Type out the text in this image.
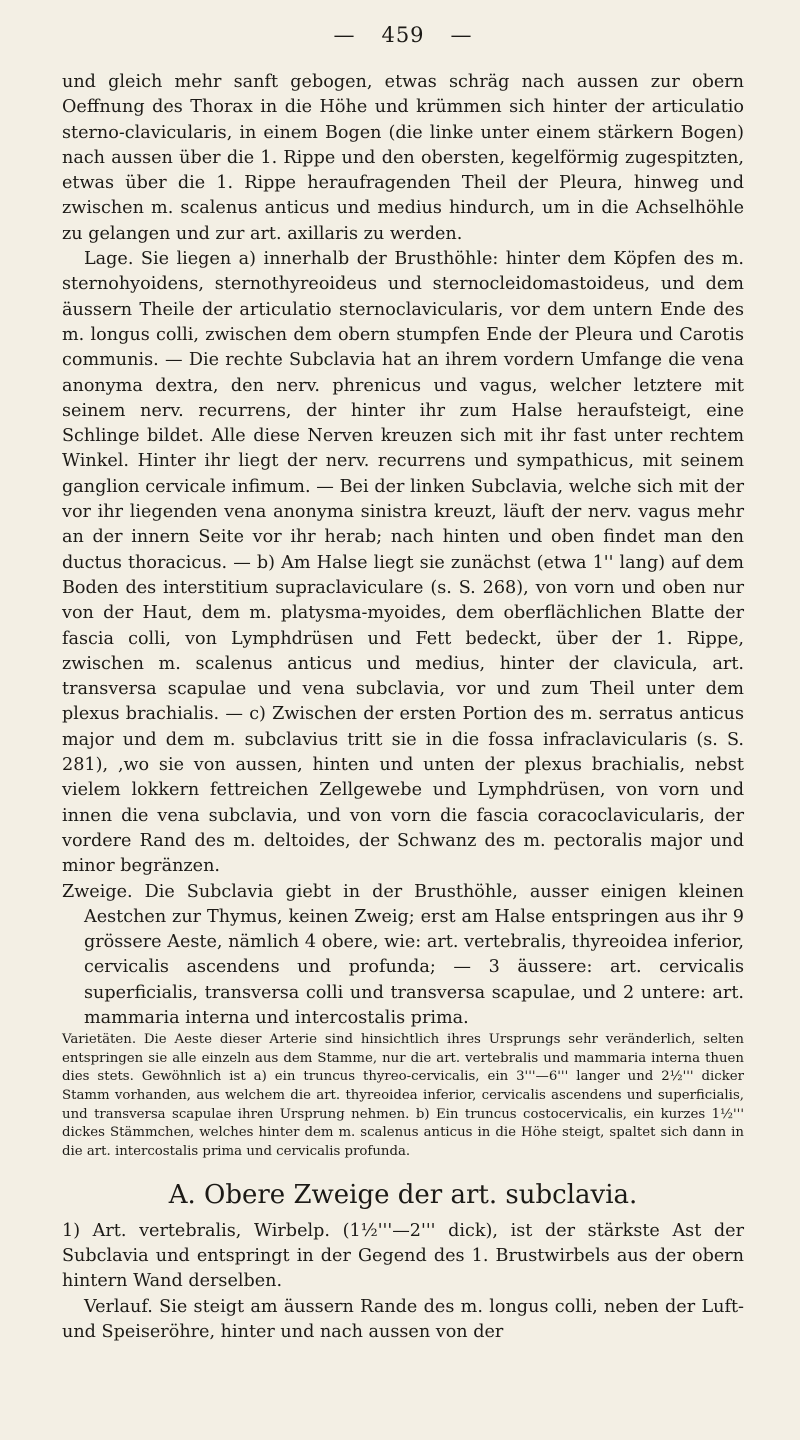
— 459 —

und gleich mehr sanft gebogen, etwas schräg nach aussen zur obern Oeffnung des Thorax in die Höhe und krümmen sich hinter der articulatio sterno-clavicularis, in einem Bogen (die linke unter einem stärkern Bogen) nach aussen über die 1. Rippe und den obersten, kegelförmig zugespitzten, etwas über die 1. Rippe heraufragenden Theil der Pleura, hinweg und zwischen m. scalenus anticus und medius hindurch, um in die Achselhöhle zu gelangen und zur art. axillaris zu werden.

Lage. Sie liegen a) innerhalb der Brusthöhle: hinter dem Köpfen des m. sternohyoidens, sternothyreoideus und sternocleidomastoideus, und dem äussern Theile der articulatio sternoclavicularis, vor dem untern Ende des m. longus colli, zwischen dem obern stumpfen Ende der Pleura und Carotis communis. — Die rechte Subclavia hat an ihrem vordern Umfange die vena anonyma dextra, den nerv. phrenicus und vagus, welcher letztere mit seinem nerv. recurrens, der hinter ihr zum Halse heraufsteigt, eine Schlinge bildet. Alle diese Nerven kreuzen sich mit ihr fast unter rechtem Winkel. Hinter ihr liegt der nerv. recurrens und sympathicus, mit seinem ganglion cervicale infimum. — Bei der linken Subclavia, welche sich mit der vor ihr liegenden vena anonyma sinistra kreuzt, läuft der nerv. vagus mehr an der innern Seite vor ihr herab; nach hinten und oben findet man den ductus thoracicus. — b) Am Halse liegt sie zunächst (etwa 1'' lang) auf dem Boden des interstitium supraclaviculare (s. S. 268), von vorn und oben nur von der Haut, dem m. platysma-myoides, dem oberflächlichen Blatte der fascia colli, von Lymphdrüsen und Fett bedeckt, über der 1. Rippe, zwischen m. scalenus anticus und medius, hinter der clavicula, art. transversa scapulae und vena subclavia, vor und zum Theil unter dem plexus brachialis. — c) Zwischen der ersten Portion des m. serratus anticus major und dem m. subclavius tritt sie in die fossa infraclavicularis (s. S. 281), ‚wo sie von aussen, hinten und unten der plexus brachialis, nebst vielem lokkern fettreichen Zellgewebe und Lymphdrüsen, von vorn und innen die vena subclavia, und von vorn die fascia coracoclavicularis, der vordere Rand des m. deltoides, der Schwanz des m. pectoralis major und minor begränzen.

Zweige. Die Subclavia giebt in der Brusthöhle, ausser einigen kleinen Aestchen zur Thymus, keinen Zweig; erst am Halse entspringen aus ihr 9 grössere Aeste, nämlich 4 obere, wie: art. vertebralis, thyreoidea inferior, cervicalis ascendens und profunda; — 3 äussere: art. cervicalis superficialis, transversa colli und transversa scapulae, und 2 untere: art. mammaria interna und intercostalis prima.

Varietäten. Die Aeste dieser Arterie sind hinsichtlich ihres Ursprungs sehr veränderlich, selten entspringen sie alle einzeln aus dem Stamme, nur die art. vertebralis und mammaria interna thuen dies stets. Gewöhnlich ist a) ein truncus thyreo-cervicalis, ein 3'''—6''' langer und 2½''' dicker Stamm vorhanden, aus welchem die art. thyreoidea inferior, cervicalis ascendens und superficialis, und transversa scapulae ihren Ursprung nehmen. b) Ein truncus costocervicalis, ein kurzes 1½''' dickes Stämmchen, welches hinter dem m. scalenus anticus in die Höhe steigt, spaltet sich dann in die art. intercostalis prima und cervicalis profunda.

A. Obere Zweige der art. subclavia.

1) Art. vertebralis, Wirbelp. (1½'''—2''' dick), ist der stärkste Ast der Subclavia und entspringt in der Gegend des 1. Brustwirbels aus der obern hintern Wand derselben.

Verlauf. Sie steigt am äussern Rande des m. longus colli, neben der Luft- und Speiseröhre, hinter und nach aussen von der
